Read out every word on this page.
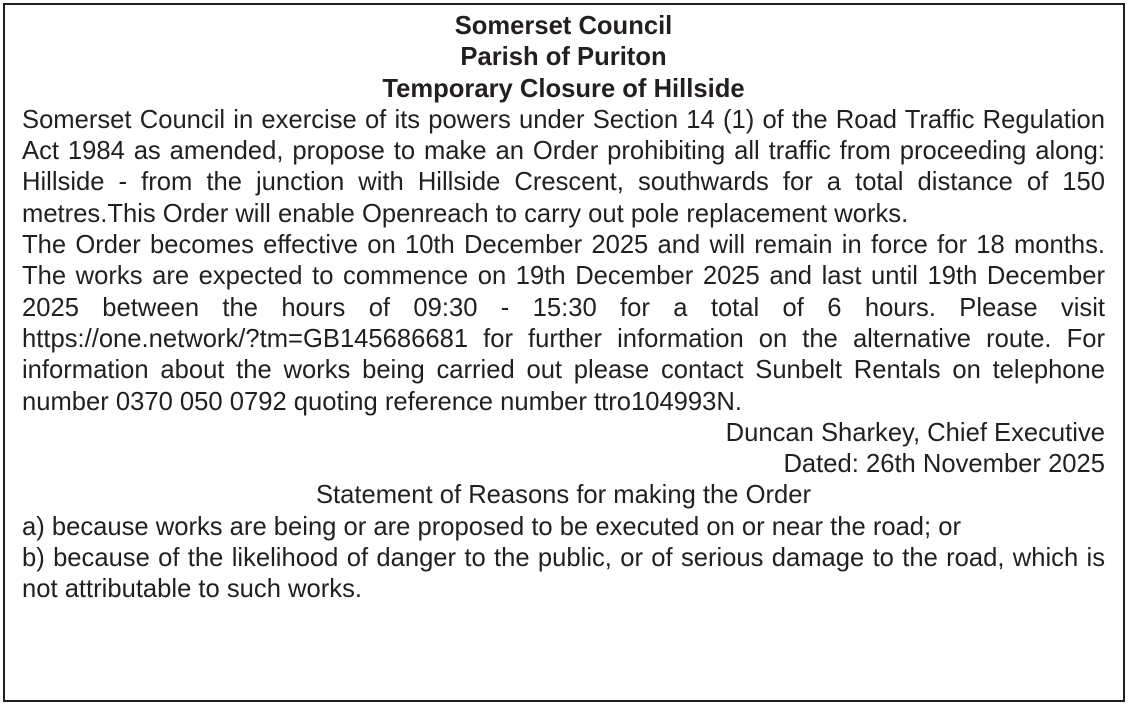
Somerset Council
Parish of Puriton
Temporary Closure of Hillside
Somerset Council in exercise of its powers under Section 14 (1) of the Road Traffic Regulation Act 1984 as amended, propose to make an Order prohibiting all traffic from proceeding along: Hillside - from the junction with Hillside Crescent, southwards for a total distance of 150 metres.This Order will enable Openreach to carry out pole replacement works.
The Order becomes effective on 10th December 2025 and will remain in force for 18 months. The works are expected to commence on 19th December 2025 and last until 19th December 2025 between the hours of 09:30 - 15:30 for a total of 6 hours. Please visit https://one.network/?tm=GB145686681 for further information on the alternative route. For information about the works being carried out please contact Sunbelt Rentals on telephone number 0370 050 0792 quoting reference number ttro104993N.
Duncan Sharkey, Chief Executive
Dated: 26th November 2025
Statement of Reasons for making the Order
a) because works are being or are proposed to be executed on or near the road; or
b) because of the likelihood of danger to the public, or of serious damage to the road, which is not attributable to such works.
